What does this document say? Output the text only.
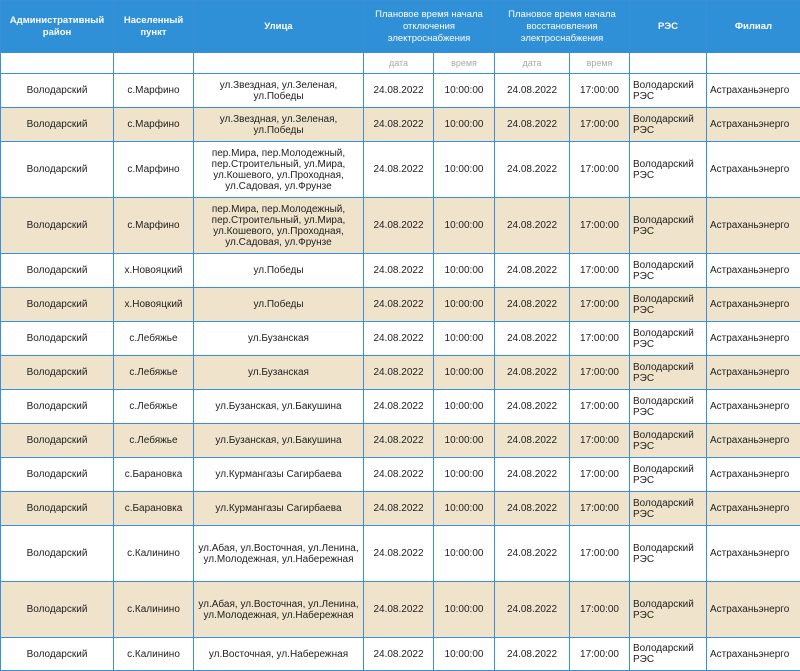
Административный район	Населенный пункт	Улица	Плановое время начала отключения электроснабжения		Плановое время начала восстановления электроснабжения		РЭС	Филиал
			дата	время	дата	время		
Володарский	с.Марфино	ул.Звездная, ул.Зеленая, ул.Победы	24.08.2022	10:00:00	24.08.2022	17:00:00	Володарский РЭС	Астраханьэнерго
Володарский	с.Марфино	ул.Звездная, ул.Зеленая, ул.Победы	24.08.2022	10:00:00	24.08.2022	17:00:00	Володарский РЭС	Астраханьэнерго
Володарский	с.Марфино	пер.Мира, пер.Молодежный, пер.Строительный, ул.Мира, ул.Кошевого, ул.Проходная, ул.Садовая, ул.Фрунзе	24.08.2022	10:00:00	24.08.2022	17:00:00	Володарский РЭС	Астраханьэнерго
Володарский	с.Марфино	пер.Мира, пер.Молодежный, пер.Строительный, ул.Мира, ул.Кошевого, ул.Проходная, ул.Садовая, ул.Фрунзе	24.08.2022	10:00:00	24.08.2022	17:00:00	Володарский РЭС	Астраханьэнерго
Володарский	х.Новояцкий	ул.Победы	24.08.2022	10:00:00	24.08.2022	17:00:00	Володарский РЭС	Астраханьэнерго
Володарский	х.Новояцкий	ул.Победы	24.08.2022	10:00:00	24.08.2022	17:00:00	Володарский РЭС	Астраханьэнерго
Володарский	с.Лебяжье	ул.Бузанская	24.08.2022	10:00:00	24.08.2022	17:00:00	Володарский РЭС	Астраханьэнерго
Володарский	с.Лебяжье	ул.Бузанская	24.08.2022	10:00:00	24.08.2022	17:00:00	Володарский РЭС	Астраханьэнерго
Володарский	с.Лебяжье	ул.Бузанская, ул.Бакушина	24.08.2022	10:00:00	24.08.2022	17:00:00	Володарский РЭС	Астраханьэнерго
Володарский	с.Лебяжье	ул.Бузанская, ул.Бакушина	24.08.2022	10:00:00	24.08.2022	17:00:00	Володарский РЭС	Астраханьэнерго
Володарский	с.Барановка	ул.Курмангазы Сагирбаева	24.08.2022	10:00:00	24.08.2022	17:00:00	Володарский РЭС	Астраханьэнерго
Володарский	с.Барановка	ул.Курмангазы Сагирбаева	24.08.2022	10:00:00	24.08.2022	17:00:00	Володарский РЭС	Астраханьэнерго
Володарский	с.Калинино	ул.Абая, ул.Восточная, ул.Ленина, ул.Молодежная, ул.Набережная	24.08.2022	10:00:00	24.08.2022	17:00:00	Володарский РЭС	Астраханьэнерго
Володарский	с.Калинино	ул.Абая, ул.Восточная, ул.Ленина, ул.Молодежная, ул.Набережная	24.08.2022	10:00:00	24.08.2022	17:00:00	Володарский РЭС	Астраханьэнерго
Володарский	с.Калинино	ул.Восточная, ул.Набережная	24.08.2022	10:00:00	24.08.2022	17:00:00	Володарский РЭС	Астраханьэнерго
